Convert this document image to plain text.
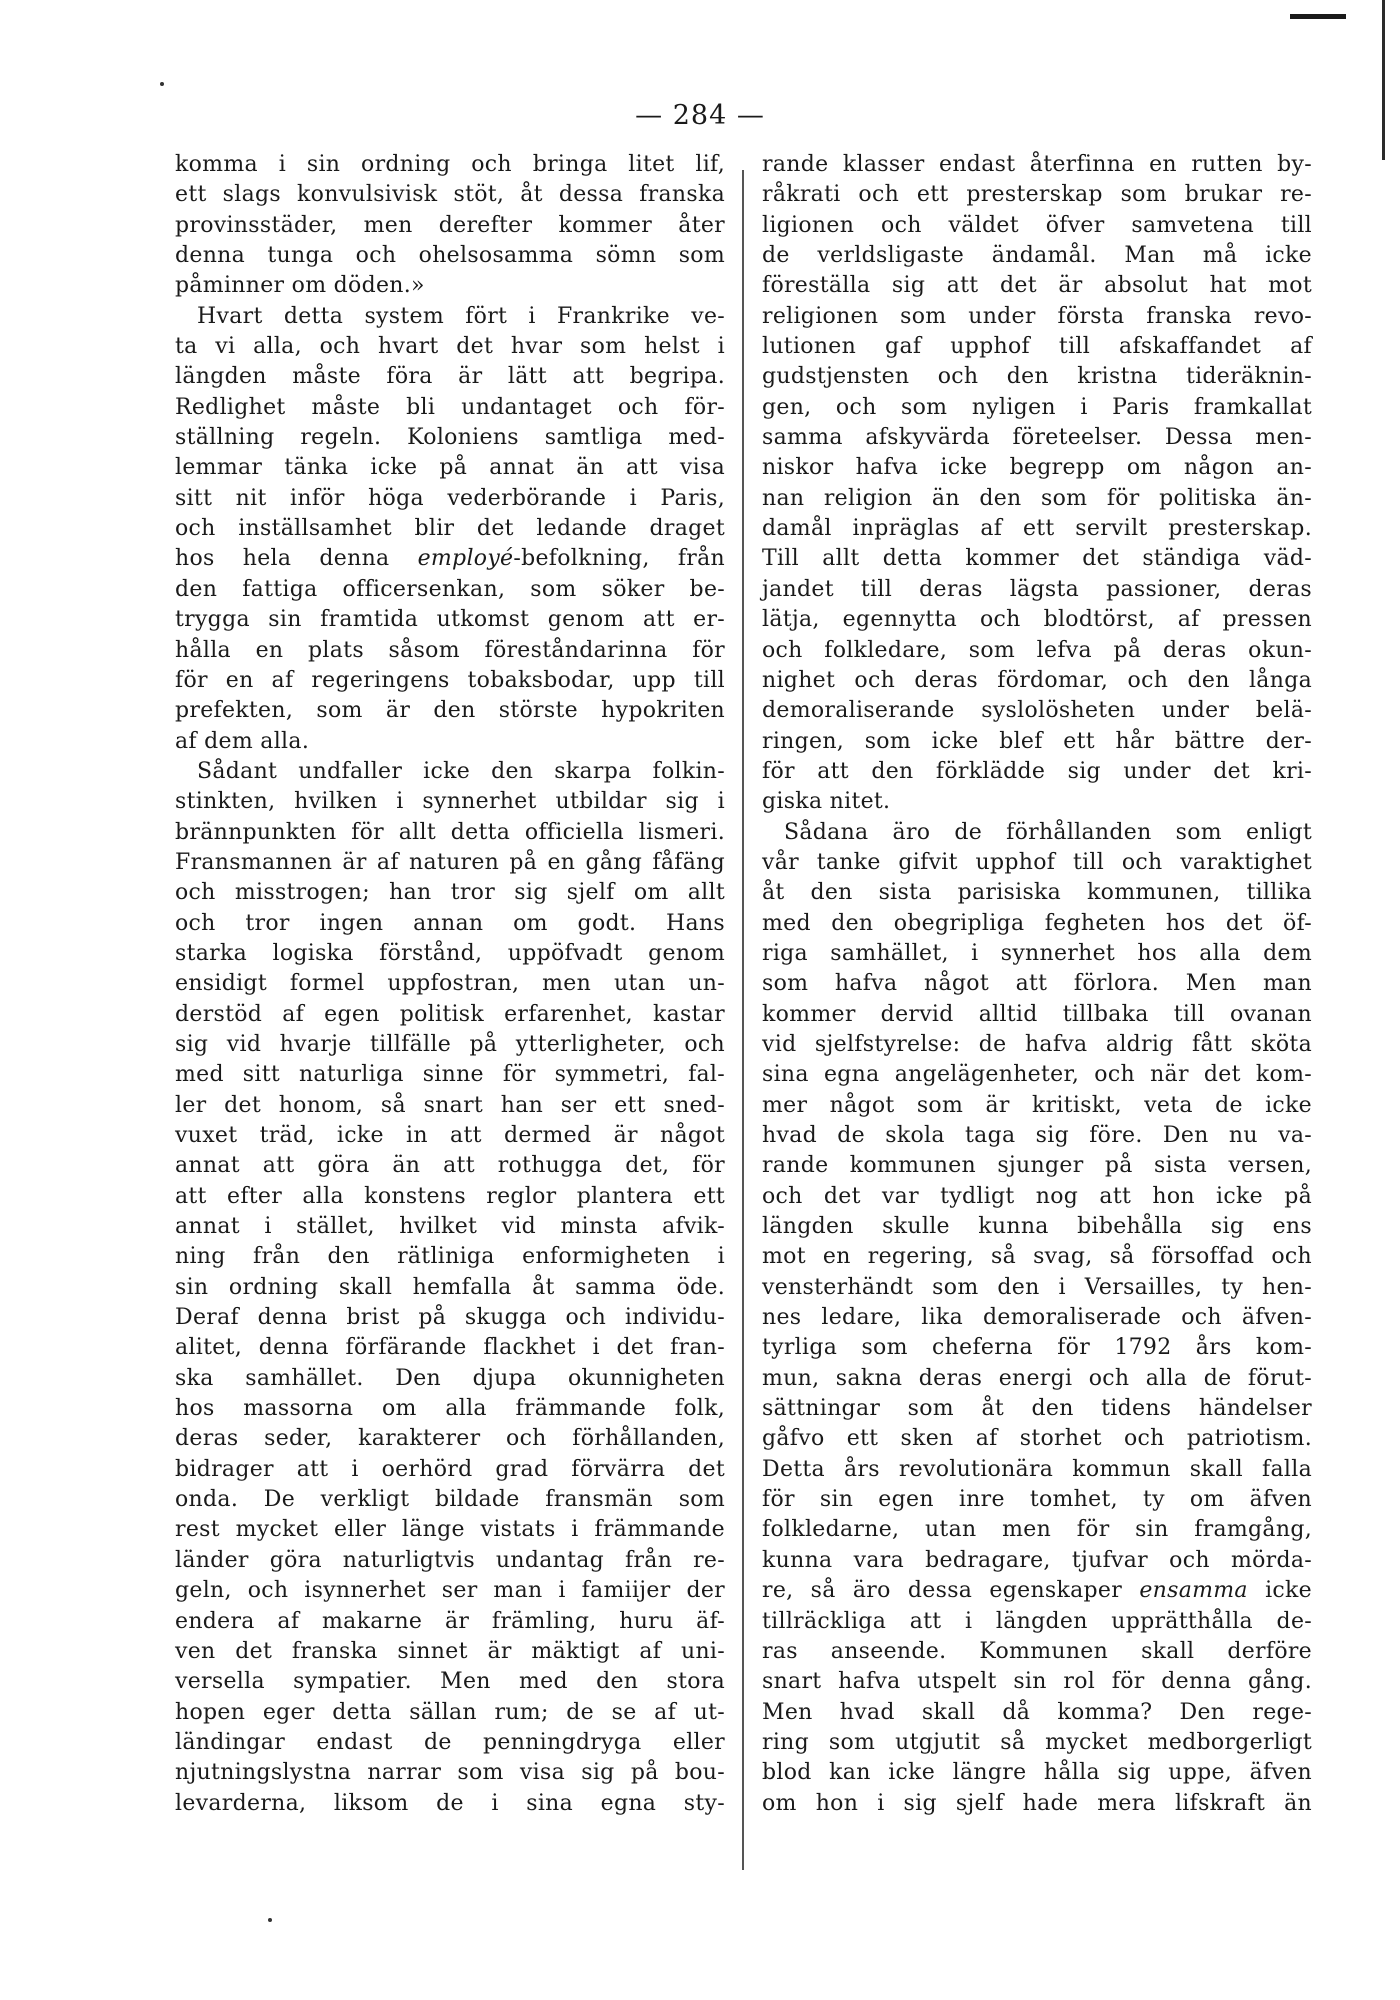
— 284 —
komma i sin ordning och bringa litet lif,
ett slags konvulsivisk stöt, åt dessa franska
provinsstäder, men derefter kommer åter
denna tunga och ohelsosamma sömn som
påminner om döden.»
Hvart detta system fört i Frankrike ve-
ta vi alla, och hvart det hvar som helst i
längden måste föra är lätt att begripa.
Redlighet måste bli undantaget och för-
ställning regeln. Koloniens samtliga med-
lemmar tänka icke på annat än att visa
sitt nit inför höga vederbörande i Paris,
och inställsamhet blir det ledande draget
hos hela denna employé-befolkning, från
den fattiga officersenkan, som söker be-
trygga sin framtida utkomst genom att er-
hålla en plats såsom föreståndarinna för
för en af regeringens tobaksbodar, upp till
prefekten, som är den störste hypokriten
af dem alla.
Sådant undfaller icke den skarpa folkin-
stinkten, hvilken i synnerhet utbildar sig i
brännpunkten för allt detta officiella lismeri.
Fransmannen är af naturen på en gång fåfäng
och misstrogen; han tror sig sjelf om allt
och tror ingen annan om godt. Hans
starka logiska förstånd, uppöfvadt genom
ensidigt formel uppfostran, men utan un-
derstöd af egen politisk erfarenhet, kastar
sig vid hvarje tillfälle på ytterligheter, och
med sitt naturliga sinne för symmetri, fal-
ler det honom, så snart han ser ett sned-
vuxet träd, icke in att dermed är något
annat att göra än att rothugga det, för
att efter alla konstens reglor plantera ett
annat i stället, hvilket vid minsta afvik-
ning från den rätliniga enformigheten i
sin ordning skall hemfalla åt samma öde.
Deraf denna brist på skugga och individu-
alitet, denna förfärande flackhet i det fran-
ska samhället. Den djupa okunnigheten
hos massorna om alla främmande folk,
deras seder, karakterer och förhållanden,
bidrager att i oerhörd grad förvärra det
onda. De verkligt bildade fransmän som
rest mycket eller länge vistats i främmande
länder göra naturligtvis undantag från re-
geln, och isynnerhet ser man i famiijer der
endera af makarne är främling, huru äf-
ven det franska sinnet är mäktigt af uni-
versella sympatier. Men med den stora
hopen eger detta sällan rum; de se af ut-
ländingar endast de penningdryga eller
njutningslystna narrar som visa sig på bou-
levarderna, liksom de i sina egna sty-
rande klasser endast återfinna en rutten by-
råkrati och ett presterskap som brukar re-
ligionen och väldet öfver samvetena till
de verldsligaste ändamål. Man må icke
föreställa sig att det är absolut hat mot
religionen som under första franska revo-
lutionen gaf upphof till afskaffandet af
gudstjensten och den kristna tideräknin-
gen, och som nyligen i Paris framkallat
samma afskyvärda företeelser. Dessa men-
niskor hafva icke begrepp om någon an-
nan religion än den som för politiska än-
damål inpräglas af ett servilt presterskap.
Till allt detta kommer det ständiga väd-
jandet till deras lägsta passioner, deras
lätja, egennytta och blodtörst, af pressen
och folkledare, som lefva på deras okun-
nighet och deras fördomar, och den långa
demoraliserande syslolösheten under belä-
ringen, som icke blef ett hår bättre der-
för att den förklädde sig under det kri-
giska nitet.
Sådana äro de förhållanden som enligt
vår tanke gifvit upphof till och varaktighet
åt den sista parisiska kommunen, tillika
med den obegripliga fegheten hos det öf-
riga samhället, i synnerhet hos alla dem
som hafva något att förlora. Men man
kommer dervid alltid tillbaka till ovanan
vid sjelfstyrelse: de hafva aldrig fått sköta
sina egna angelägenheter, och när det kom-
mer något som är kritiskt, veta de icke
hvad de skola taga sig före. Den nu va-
rande kommunen sjunger på sista versen,
och det var tydligt nog att hon icke på
längden skulle kunna bibehålla sig ens
mot en regering, så svag, så försoffad och
vensterhändt som den i Versailles, ty hen-
nes ledare, lika demoraliserade och äfven-
tyrliga som cheferna för 1792 års kom-
mun, sakna deras energi och alla de förut-
sättningar som åt den tidens händelser
gåfvo ett sken af storhet och patriotism.
Detta års revolutionära kommun skall falla
för sin egen inre tomhet, ty om äfven
folkledarne, utan men för sin framgång,
kunna vara bedragare, tjufvar och mörda-
re, så äro dessa egenskaper ensamma icke
tillräckliga att i längden upprätthålla de-
ras anseende. Kommunen skall derföre
snart hafva utspelt sin rol för denna gång.
Men hvad skall då komma? Den rege-
ring som utgjutit så mycket medborgerligt
blod kan icke längre hålla sig uppe, äfven
om hon i sig sjelf hade mera lifskraft än
